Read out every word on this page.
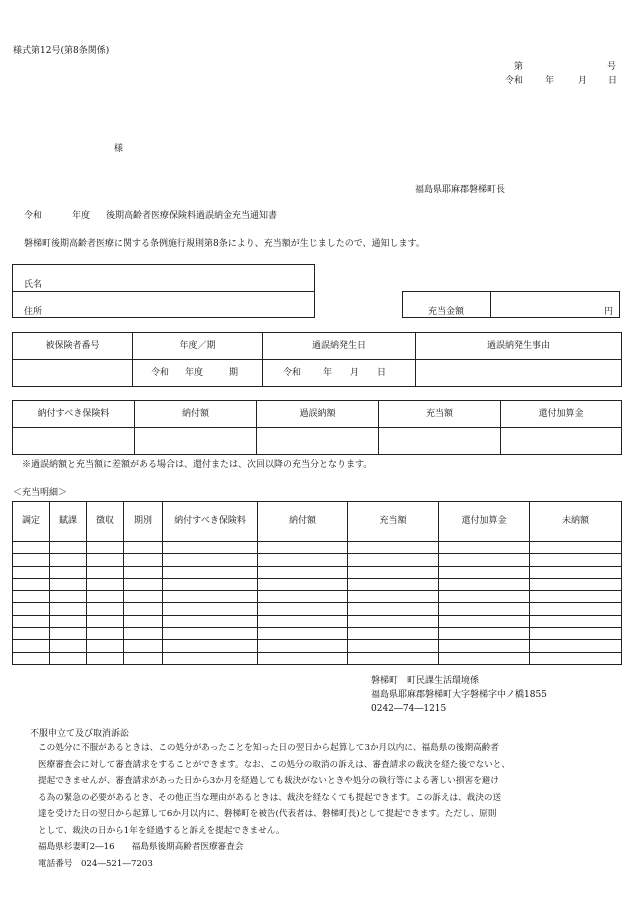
様式第12号(第8条関係)
第	号
令和 年	月 日
様
福島県耶麻郡磐梯町長
令和	年度 後期高齢者医療保険料過誤納金充当通知書
磐梯町後期高齢者医療に関する条例施行規則第8条により、充当額が生じましたので、通知します。
氏名
住所	充当金額	円
被保険者番号	年度／期	過誤納発生日	過誤納発生事由
	令和 年度 期	令和 年 月 日	
納付すべき保険料	納付額	過誤納額	充当額	還付加算金

※過誤納額と充当額に差額がある場合は、還付または、次回以降の充当分となります。
＜充当明細＞
調定	賦課	徴収	期別	納付すべき保険料	納付額	充当額	還付加算金	未納額

磐梯町　町民課生活環境係
福島県耶麻郡磐梯町大字磐梯字中ノ橋1855
0242―74―1215
不服申立て及び取消訴訟
この処分に不服があるときは、この処分があったことを知った日の翌日から起算して3か月以内に、福島県の後期高齢者
医療審査会に対して審査請求をすることができます。なお、この処分の取消の訴えは、審査請求の裁決を経た後でないと、
提起できませんが、審査請求があった日から3か月を経過しても裁決がないときや処分の執行等による著しい損害を避け
る為の緊急の必要があるとき、その他正当な理由があるときは、裁決を経なくても提起できます。この訴えは、裁決の送
達を受けた日の翌日から起算して6か月以内に、磐梯町を被告(代表者は、磐梯町長)として提起できます。ただし、原則
として、裁決の日から1年を経過すると訴えを提起できません。
福島県杉妻町2―16　　福島県後期高齢者医療審査会
電話番号　024―521―7203
